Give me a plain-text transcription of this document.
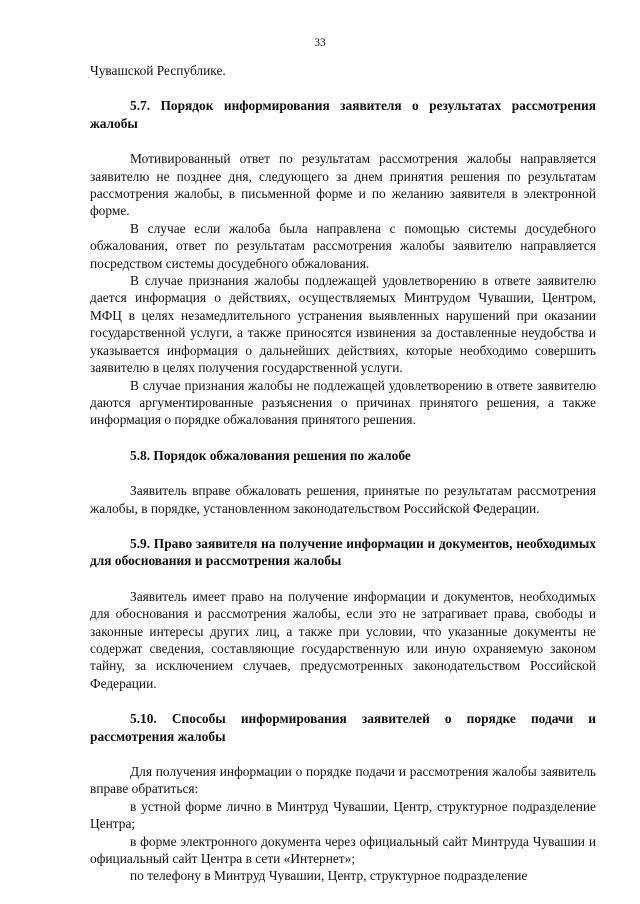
33

Чувашской Республике.

5.7. Порядок информирования заявителя о результатах рассмотрения жалобы

Мотивированный ответ по результатам рассмотрения жалобы направляется заявителю не позднее дня, следующего за днем принятия решения по результатам рассмотрения жалобы, в письменной форме и по желанию заявителя в электронной форме.

В случае если жалоба была направлена с помощью системы досудебного обжалования, ответ по результатам рассмотрения жалобы заявителю направляется посредством системы досудебного обжалования.

В случае признания жалобы подлежащей удовлетворению в ответе заявителю дается информация о действиях, осуществляемых Минтрудом Чувашии, Центром, МФЦ в целях незамедлительного устранения выявленных нарушений при оказании государственной услуги, а также приносятся извинения за доставленные неудобства и указывается информация о дальнейших действиях, которые необходимо совершить заявителю в целях получения государственной услуги.

В случае признания жалобы не подлежащей удовлетворению в ответе заявителю даются аргументированные разъяснения о причинах принятого решения, а также информация о порядке обжалования принятого решения.

5.8. Порядок обжалования решения по жалобе

Заявитель вправе обжаловать решения, принятые по результатам рассмотрения жалобы, в порядке, установленном законодательством Российской Федерации.

5.9. Право заявителя на получение информации и документов, необходимых для обоснования и рассмотрения жалобы

Заявитель имеет право на получение информации и документов, необходимых для обоснования и рассмотрения жалобы, если это не затрагивает права, свободы и законные интересы других лиц, а также при условии, что указанные документы не содержат сведения, составляющие государственную или иную охраняемую законом тайну, за исключением случаев, предусмотренных законодательством Российской Федерации.

5.10. Способы информирования заявителей о порядке подачи и рассмотрения жалобы

Для получения информации о порядке подачи и рассмотрения жалобы заявитель вправе обратиться:

в устной форме лично в Минтруд Чувашии, Центр, структурное подразделение Центра;

в форме электронного документа через официальный сайт Минтруда Чувашии и официальный сайт Центра в сети «Интернет»;

по телефону в Минтруд Чувашии, Центр, структурное подразделение
